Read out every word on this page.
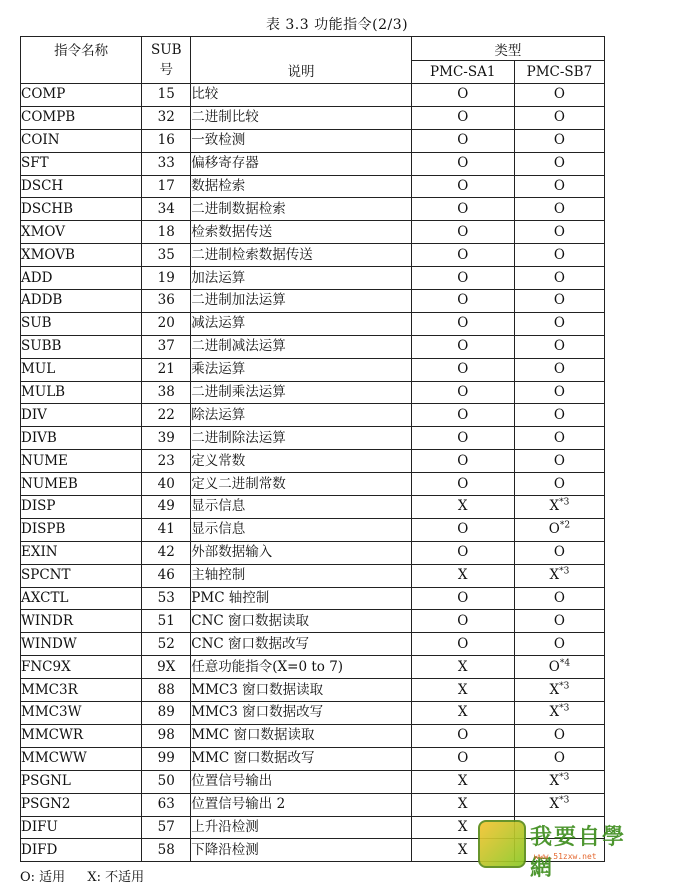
表 3.3 功能指令(2/3)
指令名称	SUB
号	说明	类型	
			PMC-SA1	PMC-SB7
COMP	15	比较	O	O
COMPB	32	二进制比较	O	O
COIN	16	一致检测	O	O
SFT	33	偏移寄存器	O	O
DSCH	17	数据检索	O	O
DSCHB	34	二进制数据检索	O	O
XMOV	18	检索数据传送	O	O
XMOVB	35	二进制检索数据传送	O	O
ADD	19	加法运算	O	O
ADDB	36	二进制加法运算	O	O
SUB	20	减法运算	O	O
SUBB	37	二进制减法运算	O	O
MUL	21	乘法运算	O	O
MULB	38	二进制乘法运算	O	O
DIV	22	除法运算	O	O
DIVB	39	二进制除法运算	O	O
NUME	23	定义常数	O	O
NUMEB	40	定义二进制常数	O	O
DISP	49	显示信息	X	$X^{*3}$
DISPB	41	显示信息	O	$O^{*2}$
EXIN	42	外部数据输入	O	O
SPCNT	46	主轴控制	X	$X^{*3}$
AXCTL	53	PMC 轴控制	O	O
WINDR	51	CNC 窗口数据读取	O	O
WINDW	52	CNC 窗口数据改写	O	O
FNC9X	9X	任意功能指令(X=0 to 7)	X	$O^{*4}$
MMC3R	88	MMC3 窗口数据读取	X	$X^{*3}$
MMC3W	89	MMC3 窗口数据改写	X	$X^{*3}$
MMCWR	98	MMC 窗口数据读取	O	O
MMCWW	99	MMC 窗口数据改写	O	O
PSGNL	50	位置信号输出	X	$X^{*3}$
PSGN2	63	位置信号输出 2	X	$X^{*3}$
DIFU	57	上升沿检测	X	
DIFD	58	下降沿检测	X	
O: 适用 X: 不适用
我要自學網
www.51zxw.net
